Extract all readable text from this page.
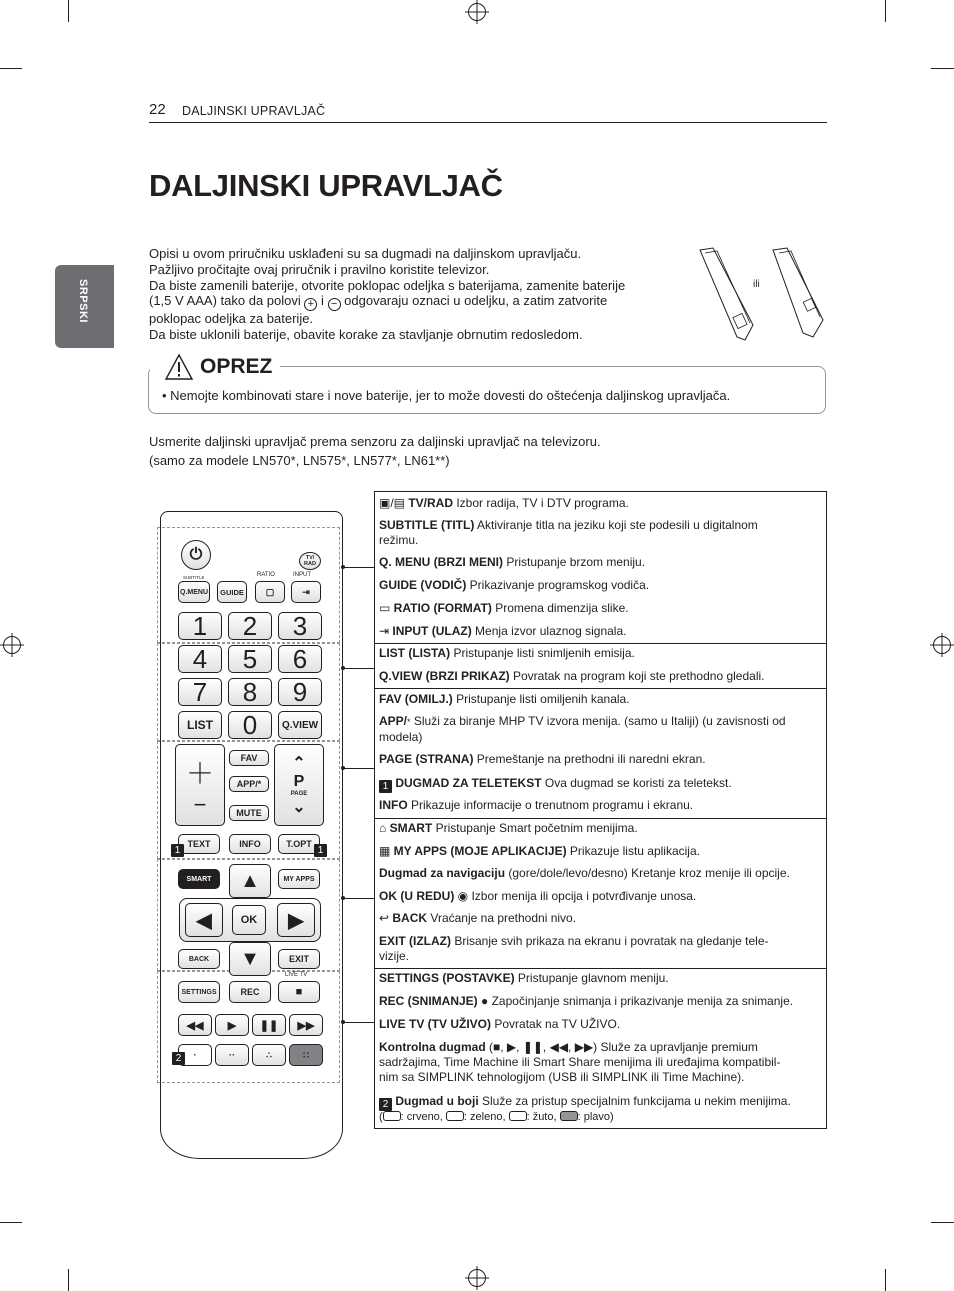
22 DALJINSKI UPRAVLJAČ
SRPSKI
DALJINSKI UPRAVLJAČ

Opisi u ovom priručniku usklađeni su sa dugmadi na daljinskom upravljaču.

Pažljivo pročitajte ovaj priručnik i pravilno koristite televizor.

Da biste zamenili baterije, otvorite poklopac odeljka s baterijama, zamenite baterije

(1,5 V AAA) tako da polovi + i − odgovaraju oznaci u odeljku, a zatim zatvorite

poklopac odeljka za baterije.

Da biste uklonili baterije, obavite korake za stavljanje obrnutim redosledom.

ili
OPREZ
• Nemojte kombinovati stare i nove baterije, jer to može dovesti do oštećenja daljinskog upravljača.
Usmerite daljinski upravljač prema senzoru za daljinski upravljač na televizoru.
(samo za modele LN570*, LN575*, LN577*, LN61**)
⏻	TV/
RAD
SUBTITLE	RATIO	INPUT
Q.MENU	GUIDE	▢	⇥
1	2	3
4	5	6
7	8	9
LIST	0	Q.VIEW
＋
−
FAV
APP/*
MUTE
⌃
P
PAGE
⌄
TEXT	INFO	T.OPT
1	1
SMART	MY APPS
▲
◀	OK	▶
▼
BACK	EXIT
LIVE TV
SETTINGS	REC	■
◀◀	▶	❚❚	▶▶
·	··	∴	∷
2
▣/▤ TV/RAD Izbor radija, TV i DTV programa.
SUBTITLE (TITL) Aktiviranje titla na jeziku koji ste podesili u digitalnom
režimu.
Q. MENU (BRZI MENI) Pristupanje brzom meniju.
GUIDE (VODIČ) Prikazivanje programskog vodiča.
▭ RATIO (FORMAT) Promena dimenzija slike.
⇥ INPUT (ULAZ) Menja izvor ulaznog signala.
LIST (LISTA) Pristupanje listi snimljenih emisija.
Q.VIEW (BRZI PRIKAZ) Povratak na program koji ste prethodno gledali.
FAV (OMILJ.) Pristupanje listi omiljenih kanala.
APP/* Služi za biranje MHP TV izvora menija. (samo u Italiji) (u zavisnosti od
modela)
PAGE (STRANA) Premeštanje na prethodni ili naredni ekran.
1 DUGMAD ZA TELETEKST Ova dugmad se koristi za teletekst.
INFO Prikazuje informacije o trenutnom programu i ekranu.
⌂ SMART Pristupanje Smart početnim menijima.
▦ MY APPS (MOJE APLIKACIJE) Prikazuje listu aplikacija.
Dugmad za navigaciju (gore/dole/levo/desno) Kretanje kroz menije ili opcije.
OK (U REDU) ◉ Izbor menija ili opcija i potvrđivanje unosa.
↩ BACK Vraćanje na prethodni nivo.
EXIT (IZLAZ) Brisanje svih prikaza na ekranu i povratak na gledanje tele-
vizije.
SETTINGS (POSTAVKE) Pristupanje glavnom meniju.
REC (SNIMANJE) ● Započinjanje snimanja i prikazivanje menija za snimanje.
LIVE TV (TV UŽIVO) Povratak na TV UŽIVO.
Kontrolna dugmad (■, ▶, ❚❚, ◀◀, ▶▶) Služe za upravljanje premium
sadržajima, Time Machine ili Smart Share menijima ili uređajima kompatibil-
nim sa SIMPLINK tehnologijom (USB ili SIMPLINK ili Time Machine).
2 Dugmad u boji Služe za pristup specijalnim funkcijama u nekim menijima.
( : crveno, : zeleno, : žuto, : plavo)
